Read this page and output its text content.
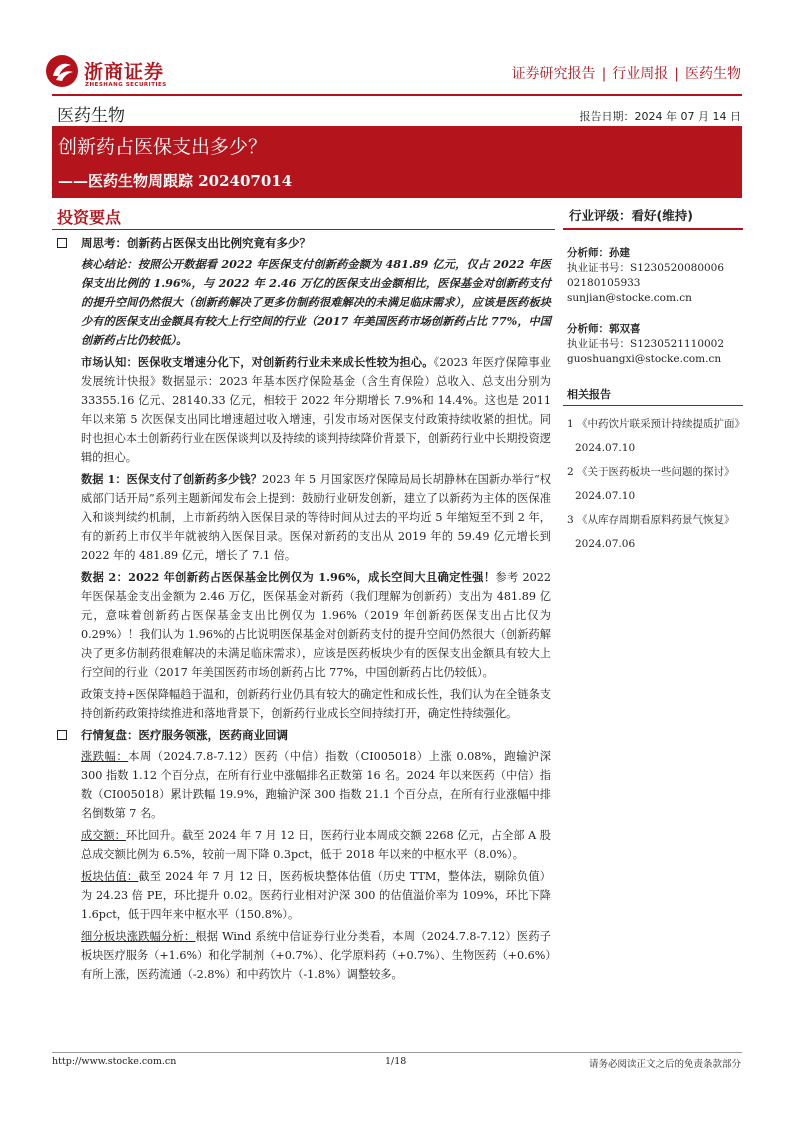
浙商证券
ZHESHANG SECURITIES
证券研究报告 | 行业周报 | 医药生物
医药生物	报告日期：2024 年 07 月 14 日
创新药占医保支出多少？
——医药生物周跟踪 202407014
投资要点
周思考：创新药占医保支出比例究竟有多少？

核心结论：按照公开数据看 2022 年医保支付创新药金额为 481.89 亿元，仅占 2022 年医保支出比例的 1.96%，与 2022 年 2.46 万亿的医保支出金额相比，医保基金对创新药支付的提升空间仍然很大（创新药解决了更多仿制药很难解决的未满足临床需求），应该是医药板块少有的医保支出金额具有较大上行空间的行业（2017 年美国医药市场创新药占比 77%，中国创新药占比仍较低）。

市场认知：医保收支增速分化下，对创新药行业未来成长性较为担心。《2023 年医疗保障事业发展统计快报》数据显示：2023 年基本医疗保险基金（含生育保险）总收入、总支出分别为 33355.16 亿元、28140.33 亿元，相较于 2022 年分期增长 7.9%和 14.4%。这也是 2011 年以来第 5 次医保支出同比增速超过收入增速，引发市场对医保支付政策持续收紧的担忧。同时也担心本土创新药行业在医保谈判以及持续的谈判持续降价背景下，创新药行业中长期投资逻辑的担心。

数据 1：医保支付了创新药多少钱？2023 年 5 月国家医疗保障局局长胡静林在国新办举行“权威部门话开局”系列主题新闻发布会上提到：鼓励行业研发创新，建立了以新药为主体的医保准入和谈判续约机制，上市新药纳入医保目录的等待时间从过去的平均近 5 年缩短至不到 2 年，有的新药上市仅半年就被纳入医保目录。医保对新药的支出从 2019 年的 59.49 亿元增长到 2022 年的 481.89 亿元，增长了 7.1 倍。

数据 2：2022 年创新药占医保基金比例仅为 1.96%，成长空间大且确定性强！参考 2022 年医保基金支出金额为 2.46 万亿，医保基金对新药（我们理解为创新药）支出为 481.89 亿元，意味着创新药占医保基金支出比例仅为 1.96%（2019 年创新药医保支出占比仅为 0.29%）！我们认为 1.96%的占比说明医保基金对创新药支付的提升空间仍然很大（创新药解决了更多仿制药很难解决的未满足临床需求），应该是医药板块少有的医保支出金额具有较大上行空间的行业（2017 年美国医药市场创新药占比 77%，中国创新药占比仍较低）。

政策支持+医保降幅趋于温和，创新药行业仍具有较大的确定性和成长性，我们认为在全链条支持创新药政策持续推进和落地背景下，创新药行业成长空间持续打开，确定性持续强化。

行情复盘：医疗服务领涨，医药商业回调

涨跌幅：本周（2024.7.8-7.12）医药（中信）指数（CI005018）上涨 0.08%，跑输沪深 300 指数 1.12 个百分点，在所有行业中涨幅排名正数第 16 名。2024 年以来医药（中信）指数（CI005018）累计跌幅 19.9%，跑输沪深 300 指数 21.1 个百分点，在所有行业涨幅中排名倒数第 7 名。

成交额：环比回升。截至 2024 年 7 月 12 日，医药行业本周成交额 2268 亿元，占全部 A 股总成交额比例为 6.5%，较前一周下降 0.3pct，低于 2018 年以来的中枢水平（8.0%）。

板块估值：截至 2024 年 7 月 12 日，医药板块整体估值（历史 TTM，整体法，剔除负值）为 24.23 倍 PE，环比提升 0.02。医药行业相对沪深 300 的估值溢价率为 109%，环比下降 1.6pct，低于四年来中枢水平（150.8%）。

细分板块涨跌幅分析：根据 Wind 系统中信证券行业分类看，本周（2024.7.8-7.12）医药子板块医疗服务（+1.6%）和化学制剂（+0.7%）、化学原料药（+0.7%）、生物医药（+0.6%）有所上涨，医药流通（-2.8%）和中药饮片（-1.8%）调整较多。

行业评级：看好(维持)
分析师：孙建
执业证书号：S1230520080006
02180105933
sunjian@stocke.com.cn
分析师：郭双喜
执业证书号：S1230521110002
guoshuangxi@stocke.com.cn
相关报告
1 《中药饮片联采预计持续提质扩面》2024.07.10
2 《关于医药板块一些问题的探讨》2024.07.10
3 《从库存周期看原料药景气恢复》2024.07.06
http://www.stocke.com.cn	1/18	请务必阅读正文之后的免责条款部分
